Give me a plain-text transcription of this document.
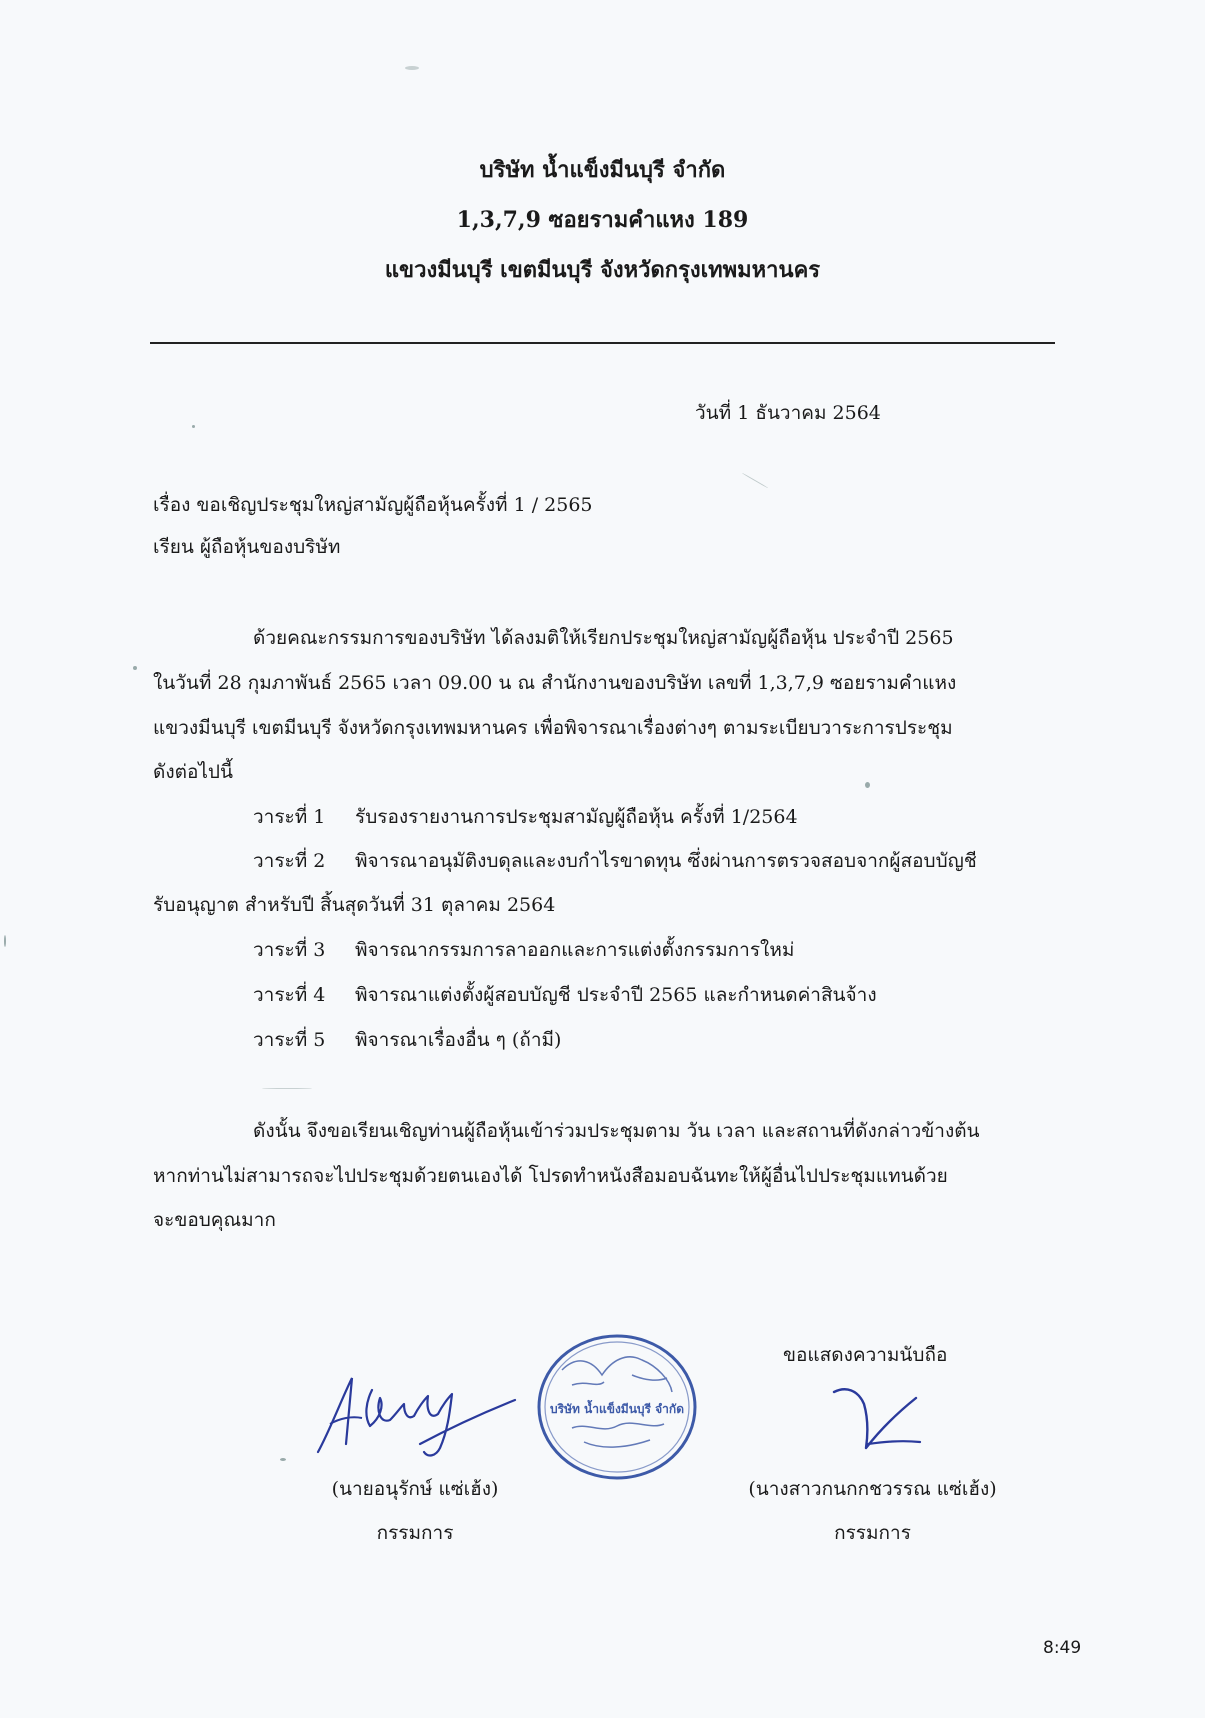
บริษัท น้ำแข็งมีนบุรี จำกัด
1,3,7,9 ซอยรามคำแหง 189
แขวงมีนบุรี เขตมีนบุรี จังหวัดกรุงเทพมหานคร
วันที่ 1 ธันวาคม 2564
เรื่อง ขอเชิญประชุมใหญ่สามัญผู้ถือหุ้นครั้งที่ 1 / 2565
เรียน ผู้ถือหุ้นของบริษัท
ด้วยคณะกรรมการของบริษัท ได้ลงมติให้เรียกประชุมใหญ่สามัญผู้ถือหุ้น ประจำปี 2565
ในวันที่ 28 กุมภาพันธ์ 2565 เวลา 09.00 น ณ สำนักงานของบริษัท เลขที่ 1,3,7,9 ซอยรามคำแหง
แขวงมีนบุรี เขตมีนบุรี จังหวัดกรุงเทพมหานคร เพื่อพิจารณาเรื่องต่างๆ ตามระเบียบวาระการประชุม
ดังต่อไปนี้
วาระที่ 1 รับรองรายงานการประชุมสามัญผู้ถือหุ้น ครั้งที่ 1/2564
วาระที่ 2 พิจารณาอนุมัติงบดุลและงบกำไรขาดทุน ซึ่งผ่านการตรวจสอบจากผู้สอบบัญชี
รับอนุญาต สำหรับปี สิ้นสุดวันที่ 31 ตุลาคม 2564
วาระที่ 3 พิจารณากรรมการลาออกและการแต่งตั้งกรรมการใหม่
วาระที่ 4 พิจารณาแต่งตั้งผู้สอบบัญชี ประจำปี 2565 และกำหนดค่าสินจ้าง
วาระที่ 5 พิจารณาเรื่องอื่น ๆ (ถ้ามี)
ดังนั้น จึงขอเรียนเชิญท่านผู้ถือหุ้นเข้าร่วมประชุมตาม วัน เวลา และสถานที่ดังกล่าวข้างต้น
หากท่านไม่สามารถจะไปประชุมด้วยตนเองได้ โปรดทำหนังสือมอบฉันทะให้ผู้อื่นไปประชุมแทนด้วย
จะขอบคุณมาก
ขอแสดงความนับถือ
บริษัท น้ำแข็งมีนบุรี จำกัด
(นายอนุรักษ์ แซ่เฮ้ง)
กรรมการ
(นางสาวกนกกชวรรณ แซ่เฮ้ง)
กรรมการ
8:49
